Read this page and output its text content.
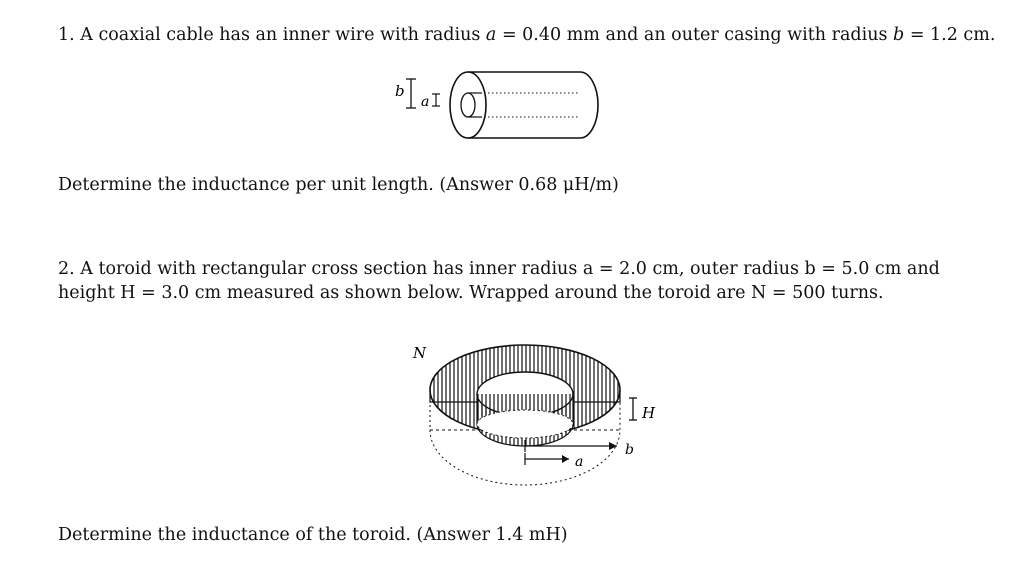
1. A coaxial cable has an inner wire with radius a = 0.40 mm and an outer casing with radius b = 1.2 cm.
b
a
Determine the inductance per unit length. (Answer 0.68 μH/m)
2. A toroid with rectangular cross section has inner radius a = 2.0 cm, outer radius b = 5.0 cm and
height H = 3.0 cm measured as shown below. Wrapped around the toroid are N = 500 turns.
N
H
b
a
Determine the inductance of the toroid. (Answer 1.4 mH)
